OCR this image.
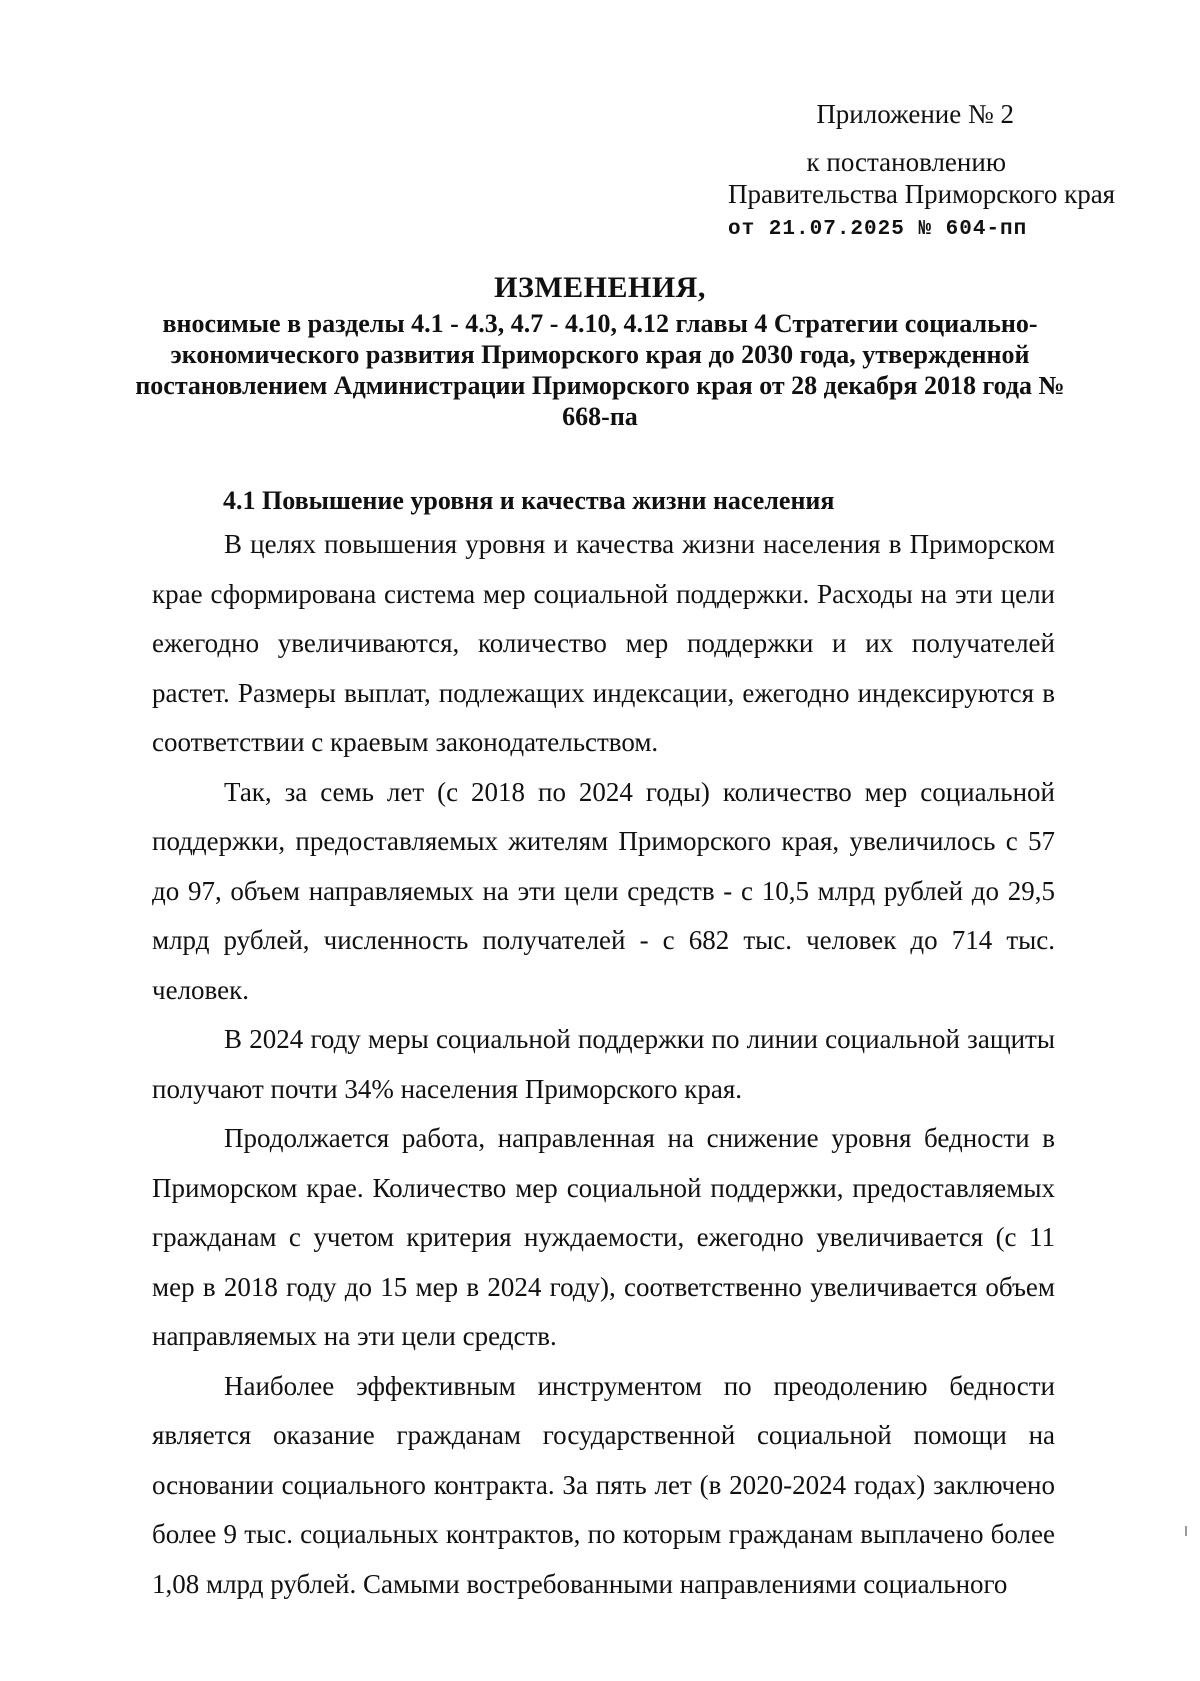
Приложение № 2
к постановлению
Правительства Приморского края
от 21.07.2025 № 604-пп
ИЗМЕНЕНИЯ,
вносимые в разделы 4.1 - 4.3, 4.7 - 4.10, 4.12 главы 4 Стратегии социально-экономического развития Приморского края до 2030 года, утвержденной постановлением Администрации Приморского края от 28 декабря 2018 года № 668-па
4.1 Повышение уровня и качества жизни населения

В целях повышения уровня и качества жизни населения в Приморском крае сформирована система мер социальной поддержки. Расходы на эти цели ежегодно увеличиваются, количество мер поддержки и их получателей растет. Размеры выплат, подлежащих индексации, ежегодно индексируются в соответствии с краевым законодательством.

Так, за семь лет (с 2018 по 2024 годы) количество мер социальной поддержки, предоставляемых жителям Приморского края, увеличилось с 57 до 97, объем направляемых на эти цели средств - с 10,5 млрд рублей до 29,5 млрд рублей, численность получателей - с 682 тыс. человек до 714 тыс. человек.

В 2024 году меры социальной поддержки по линии социальной защиты получают почти 34% населения Приморского края.

Продолжается работа, направленная на снижение уровня бедности в Приморском крае. Количество мер социальной поддержки, предоставляемых гражданам с учетом критерия нуждаемости, ежегодно увеличивается (с 11 мер в 2018 году до 15 мер в 2024 году), соответственно увеличивается объем направляемых на эти цели средств.

Наиболее эффективным инструментом по преодолению бедности является оказание гражданам государственной социальной помощи на основании социального контракта. За пять лет (в 2020-2024 годах) заключено более 9 тыс. социальных контрактов, по которым гражданам выплачено более 1,08 млрд рублей. Самыми востребованными направлениями социального
